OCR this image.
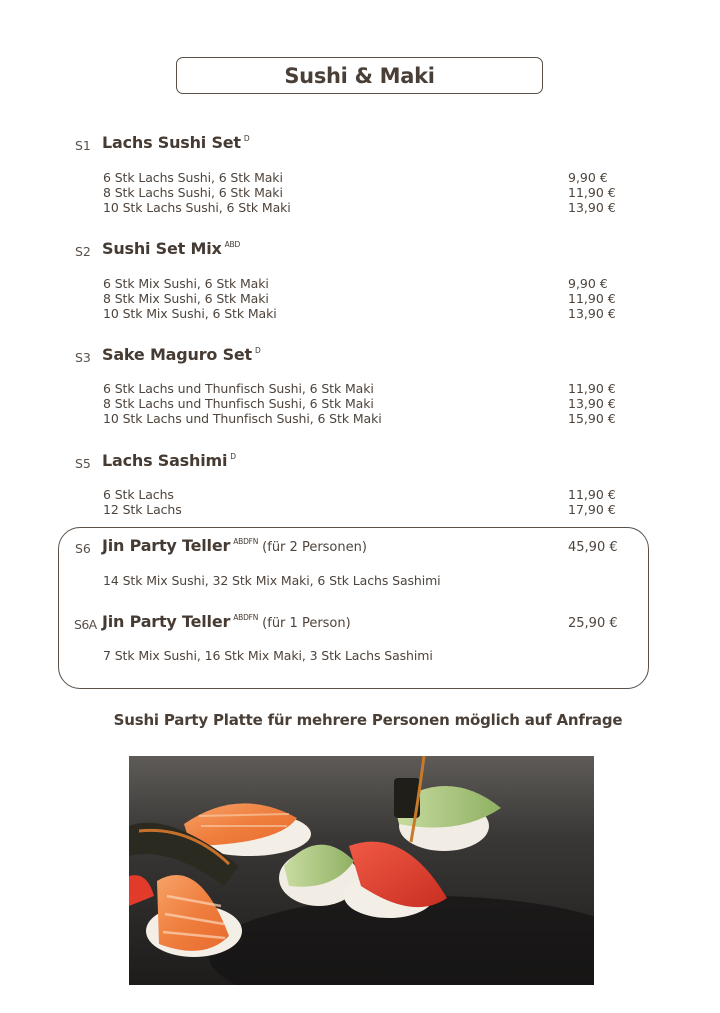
Sushi & Maki
S1 Lachs Sushi Set $^D$
6 Stk Lachs Sushi, 6 Stk Maki	9,90 €
8 Stk Lachs Sushi, 6 Stk Maki	11,90 €
10 Stk Lachs Sushi, 6 Stk Maki	13,90 €
S2 Sushi Set Mix $^{ABD}$
6 Stk Mix Sushi, 6 Stk Maki	9,90 €
8 Stk Mix Sushi, 6 Stk Maki	11,90 €
10 Stk Mix Sushi, 6 Stk Maki	13,90 €
S3 Sake Maguro Set $^D$
6 Stk Lachs und Thunfisch Sushi, 6 Stk Maki	11,90 €
8 Stk Lachs und Thunfisch Sushi, 6 Stk Maki	13,90 €
10 Stk Lachs und Thunfisch Sushi, 6 Stk Maki	15,90 €
S5 Lachs Sashimi $^D$
6 Stk Lachs	11,90 €
12 Stk Lachs	17,90 €
S6 Jin Party Teller $^{ABDFN}$ (für 2 Personen)	45,90 €
14 Stk Mix Sushi, 32 Stk Mix Maki, 6 Stk Lachs Sashimi
S6A Jin Party Teller $^{ABDFN}$ (für 1 Person)	25,90 €
7 Stk Mix Sushi, 16 Stk Mix Maki, 3 Stk Lachs Sashimi
Sushi Party Platte für mehrere Personen möglich auf Anfrage
